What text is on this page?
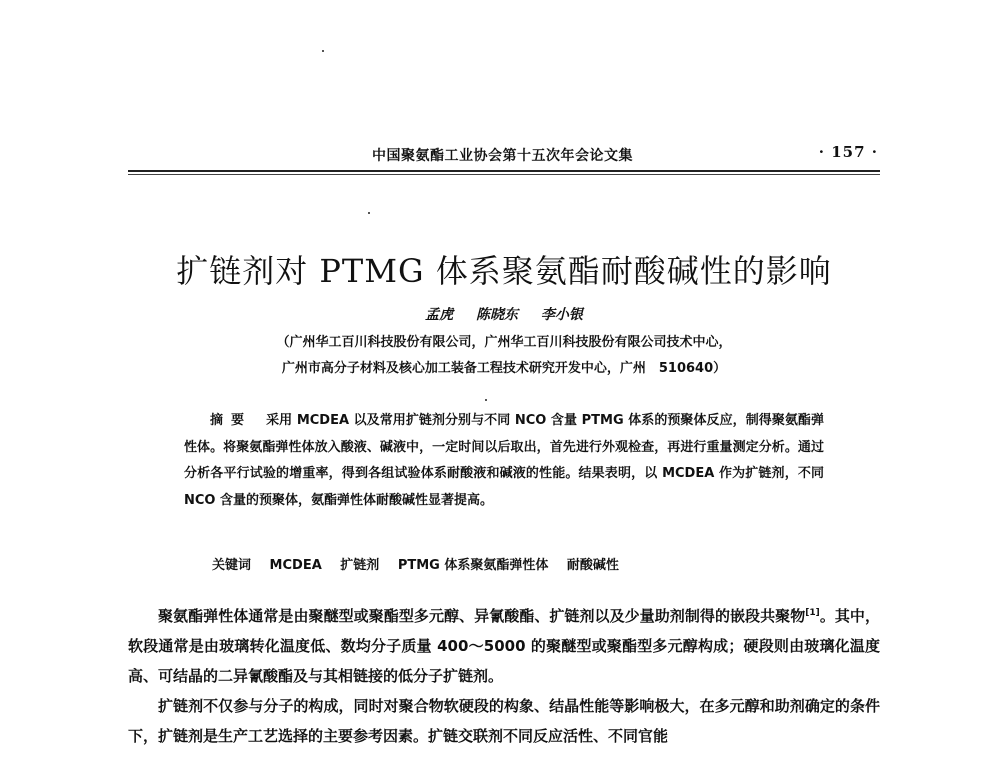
中国聚氨酯工业协会第十五次年会论文集	· 157 ·
扩链剂对 PTMG 体系聚氨酯耐酸碱性的影响
孟虎 陈晓东 李小银
（广州华工百川科技股份有限公司，广州华工百川科技股份有限公司技术中心，
广州市高分子材料及核心加工装备工程技术研究开发中心，广州　510640）
摘要 采用 MCDEA 以及常用扩链剂分别与不同 NCO 含量 PTMG 体系的预聚体反应，制得聚氨酯弹性体。将聚氨酯弹性体放入酸液、碱液中，一定时间以后取出，首先进行外观检查，再进行重量测定分析。通过分析各平行试验的增重率，得到各组试验体系耐酸液和碱液的性能。结果表明，以 MCDEA 作为扩链剂，不同 NCO 含量的预聚体，氨酯弹性体耐酸碱性显著提高。
关键词 MCDEA 扩链剂 PTMG 体系聚氨酯弹性体 耐酸碱性

聚氨酯弹性体通常是由聚醚型或聚酯型多元醇、异氰酸酯、扩链剂以及少量助剂制得的嵌段共聚物[1]。其中，软段通常是由玻璃转化温度低、数均分子质量 400～5000 的聚醚型或聚酯型多元醇构成；硬段则由玻璃化温度高、可结晶的二异氰酸酯及与其相链接的低分子扩链剂。

扩链剂不仅参与分子的构成，同时对聚合物软硬段的构象、结晶性能等影响极大，在多元醇和助剂确定的条件下，扩链剂是生产工艺选择的主要参考因素。扩链交联剂不同反应活性、不同官能
